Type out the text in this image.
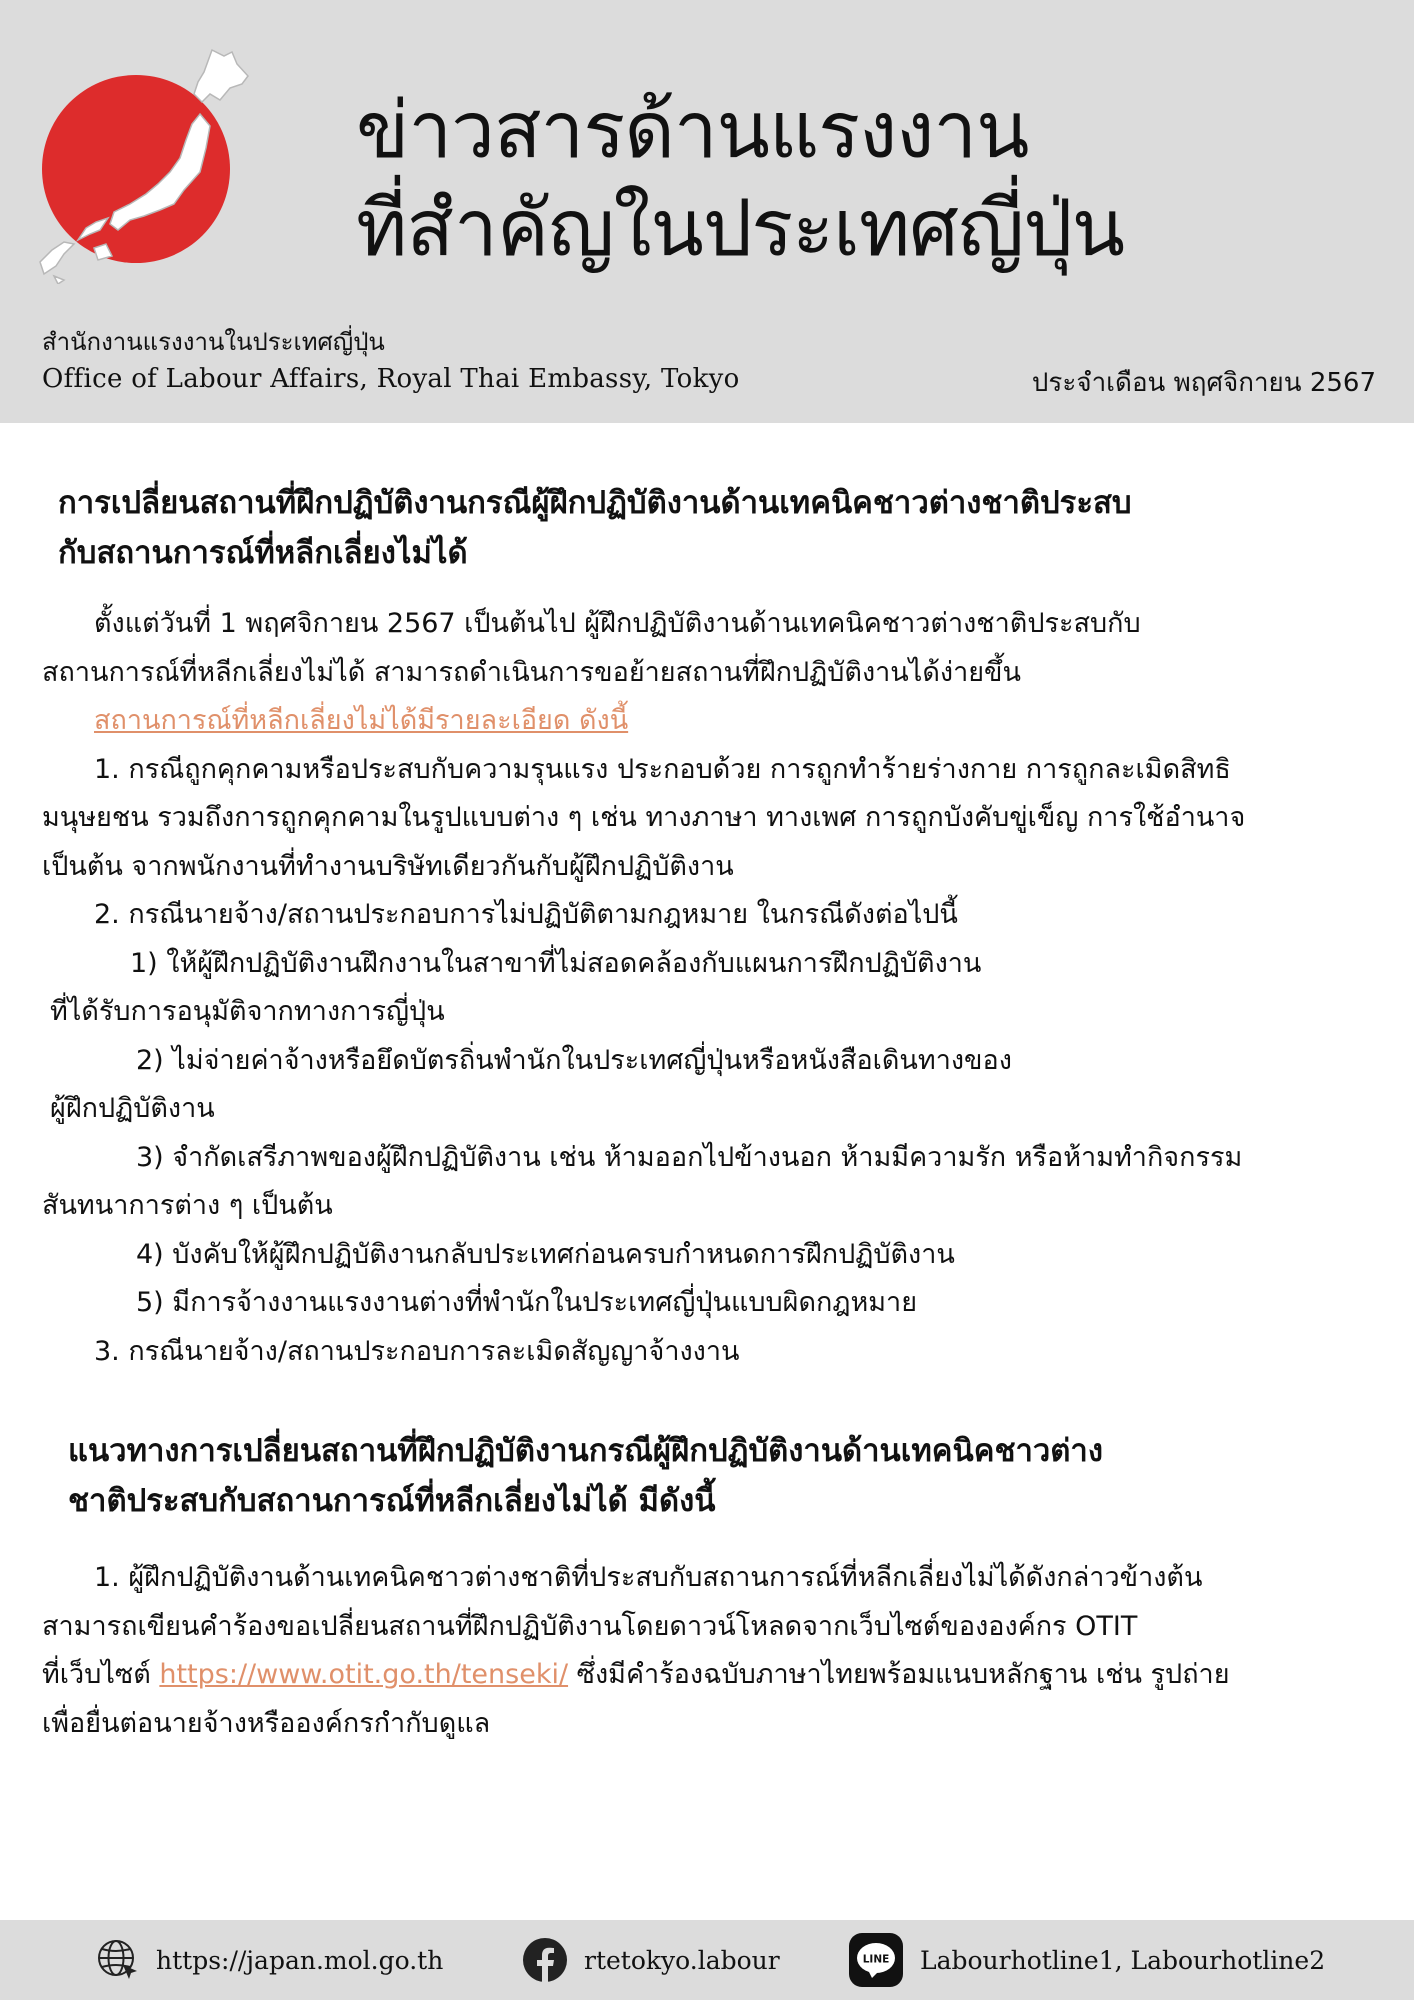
ข่าวสารด้านแรงงาน
ที่สำคัญในประเทศญี่ปุ่น
สำนักงานแรงงานในประเทศญี่ปุ่น
Office of Labour Affairs, Royal Thai Embassy, Tokyo	ประจำเดือน พฤศจิกายน 2567
การเปลี่ยนสถานที่ฝึกปฏิบัติงานกรณีผู้ฝึกปฏิบัติงานด้านเทคนิคชาวต่างชาติประสบ
กับสถานการณ์ที่หลีกเลี่ยงไม่ได้

ตั้งแต่วันที่ 1 พฤศจิกายน 2567 เป็นต้นไป ผู้ฝึกปฏิบัติงานด้านเทคนิคชาวต่างชาติประสบกับ

สถานการณ์ที่หลีกเลี่ยงไม่ได้ สามารถดำเนินการขอย้ายสถานที่ฝึกปฏิบัติงานได้ง่ายขึ้น

สถานการณ์ที่หลีกเลี่ยงไม่ได้มีรายละเอียด ดังนี้

1. กรณีถูกคุกคามหรือประสบกับความรุนแรง ประกอบด้วย การถูกทำร้ายร่างกาย การถูกละเมิดสิทธิ

มนุษยชน รวมถึงการถูกคุกคามในรูปแบบต่าง ๆ เช่น ทางภาษา ทางเพศ การถูกบังคับขู่เข็ญ การใช้อำนาจ

เป็นต้น จากพนักงานที่ทำงานบริษัทเดียวกันกับผู้ฝึกปฏิบัติงาน

2. กรณีนายจ้าง/สถานประกอบการไม่ปฏิบัติตามกฎหมาย ในกรณีดังต่อไปนี้

1) ให้ผู้ฝึกปฏิบัติงานฝึกงานในสาขาที่ไม่สอดคล้องกับแผนการฝึกปฏิบัติงาน

ที่ได้รับการอนุมัติจากทางการญี่ปุ่น

2) ไม่จ่ายค่าจ้างหรือยึดบัตรถิ่นพำนักในประเทศญี่ปุ่นหรือหนังสือเดินทางของ

ผู้ฝึกปฏิบัติงาน

3) จำกัดเสรีภาพของผู้ฝึกปฏิบัติงาน เช่น ห้ามออกไปข้างนอก ห้ามมีความรัก หรือห้ามทำกิจกรรม

สันทนาการต่าง ๆ เป็นต้น

4) บังคับให้ผู้ฝึกปฏิบัติงานกลับประเทศก่อนครบกำหนดการฝึกปฏิบัติงาน

5) มีการจ้างงานแรงงานต่างที่พำนักในประเทศญี่ปุ่นแบบผิดกฎหมาย

3. กรณีนายจ้าง/สถานประกอบการละเมิดสัญญาจ้างงาน

แนวทางการเปลี่ยนสถานที่ฝึกปฏิบัติงานกรณีผู้ฝึกปฏิบัติงานด้านเทคนิคชาวต่าง
ชาติประสบกับสถานการณ์ที่หลีกเลี่ยงไม่ได้ มีดังนี้

1. ผู้ฝึกปฏิบัติงานด้านเทคนิคชาวต่างชาติที่ประสบกับสถานการณ์ที่หลีกเลี่ยงไม่ได้ดังกล่าวข้างต้น

สามารถเขียนคำร้องขอเปลี่ยนสถานที่ฝึกปฏิบัติงานโดยดาวน์โหลดจากเว็บไซต์ขององค์กร OTIT

ที่เว็บไซต์ https://www.otit.go.th/tenseki/ ซึ่งมีคำร้องฉบับภาษาไทยพร้อมแนบหลักฐาน เช่น รูปถ่าย

เพื่อยื่นต่อนายจ้างหรือองค์กรกำกับดูแล

https://japan.mol.go.th	rtetokyo.labour	LINE Labourhotline1, Labourhotline2
